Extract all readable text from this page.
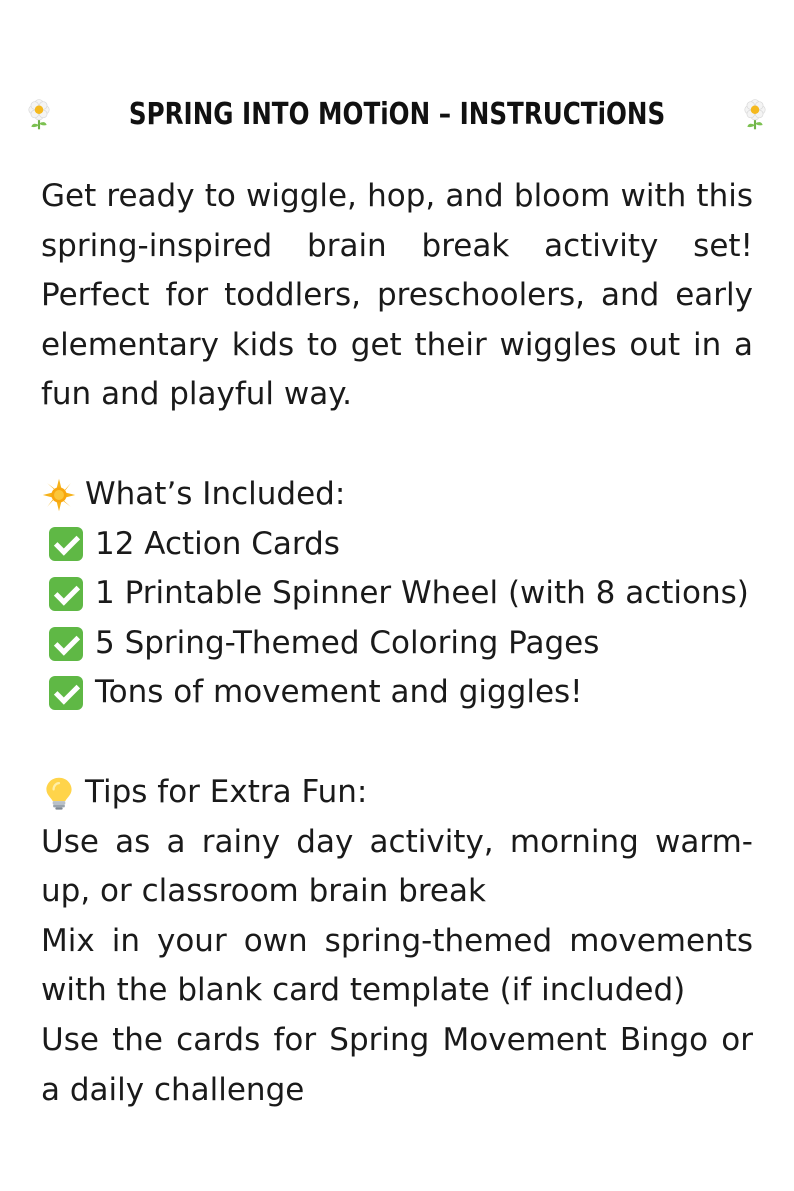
SPRING INTO MOTiON – INSTRUCTiONS

Get ready to wiggle, hop, and bloom with this spring-inspired brain break activity set! Perfect for toddlers, preschoolers, and early elementary kids to get their wiggles out in a fun and playful way.

What’s Included:
12 Action Cards
1 Printable Spinner Wheel (with 8 actions)
5 Spring-Themed Coloring Pages
Tons of movement and giggles!
Tips for Extra Fun:
Use as a rainy day activity, morning warm-up, or classroom brain break
Mix in your own spring-themed movements with the blank card template (if included)
Use the cards for Spring Movement Bingo or a daily challenge
